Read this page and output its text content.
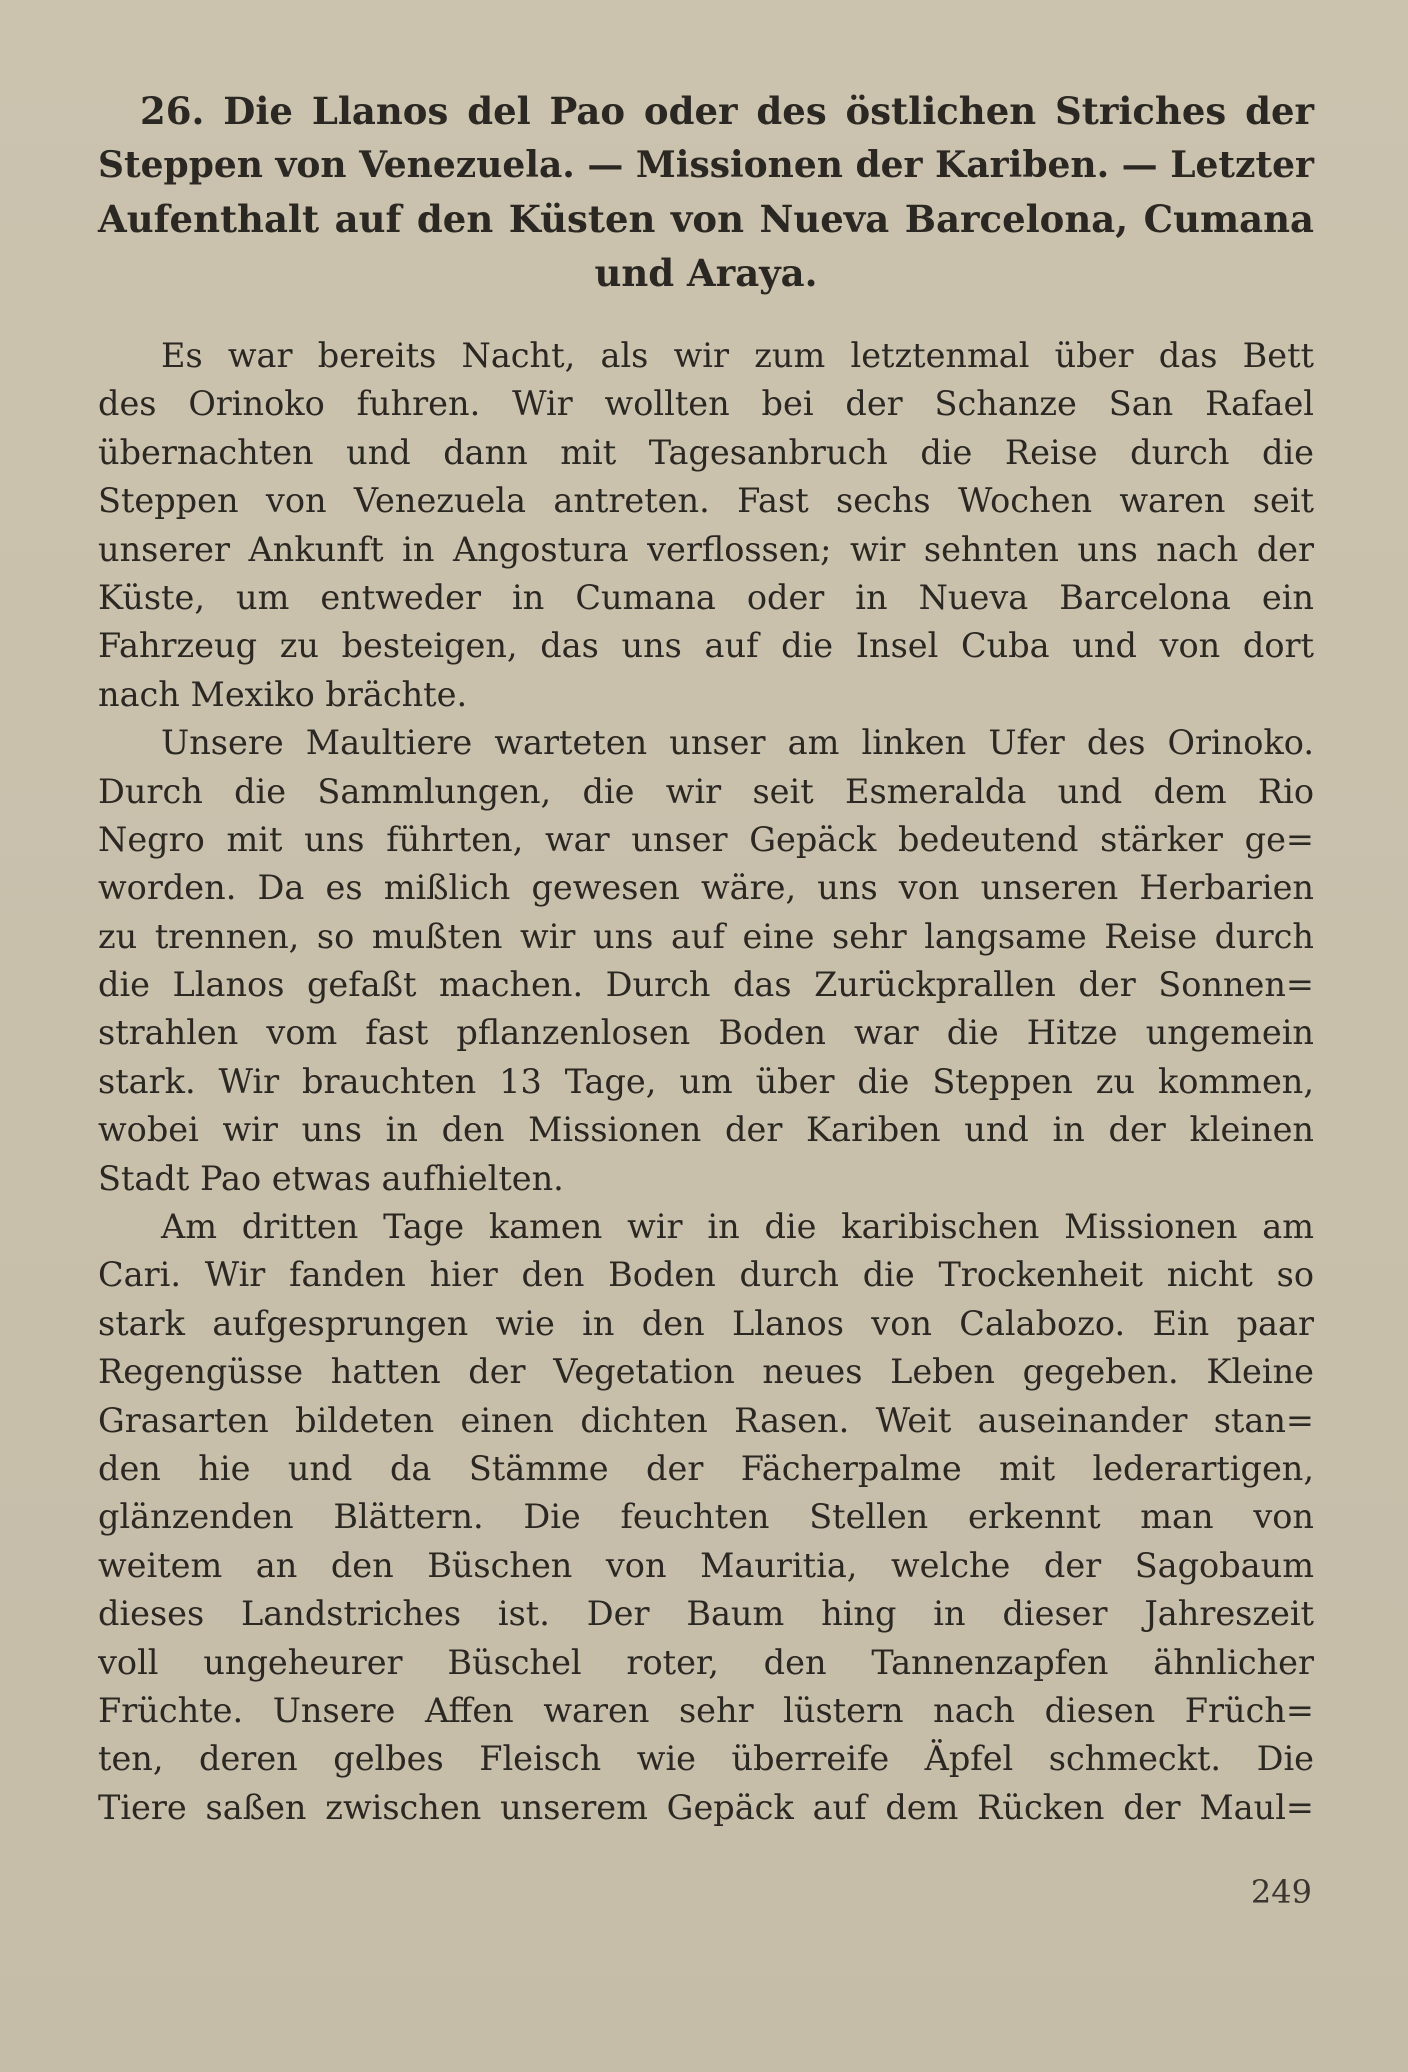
26. Die Llanos del Pao oder des östlichen Striches der
Steppen von Venezuela. — Missionen der Kariben. — Letzter
Aufenthalt auf den Küsten von Nueva Barcelona, Cumana
und Araya.
Es war bereits Nacht, als wir zum letztenmal über das Bett
des Orinoko fuhren. Wir wollten bei der Schanze San Rafael
übernachten und dann mit Tagesanbruch die Reise durch die
Steppen von Venezuela antreten. Fast sechs Wochen waren seit
unserer Ankunft in Angostura verflossen; wir sehnten uns nach der
Küste, um entweder in Cumana oder in Nueva Barcelona ein
Fahrzeug zu besteigen, das uns auf die Insel Cuba und von dort
nach Mexiko brächte.
Unsere Maultiere warteten unser am linken Ufer des Orinoko.
Durch die Sammlungen, die wir seit Esmeralda und dem Rio
Negro mit uns führten, war unser Gepäck bedeutend stärker ge=
worden. Da es mißlich gewesen wäre, uns von unseren Herbarien
zu trennen, so mußten wir uns auf eine sehr langsame Reise durch
die Llanos gefaßt machen. Durch das Zurückprallen der Sonnen=
strahlen vom fast pflanzenlosen Boden war die Hitze ungemein
stark. Wir brauchten 13 Tage, um über die Steppen zu kommen,
wobei wir uns in den Missionen der Kariben und in der kleinen
Stadt Pao etwas aufhielten.
Am dritten Tage kamen wir in die karibischen Missionen am
Cari. Wir fanden hier den Boden durch die Trockenheit nicht so
stark aufgesprungen wie in den Llanos von Calabozo. Ein paar
Regengüsse hatten der Vegetation neues Leben gegeben. Kleine
Grasarten bildeten einen dichten Rasen. Weit auseinander stan=
den hie und da Stämme der Fächerpalme mit lederartigen,
glänzenden Blättern. Die feuchten Stellen erkennt man von
weitem an den Büschen von Mauritia, welche der Sagobaum
dieses Landstriches ist. Der Baum hing in dieser Jahreszeit
voll ungeheurer Büschel roter, den Tannenzapfen ähnlicher
Früchte. Unsere Affen waren sehr lüstern nach diesen Früch=
ten, deren gelbes Fleisch wie überreife Äpfel schmeckt. Die
Tiere saßen zwischen unserem Gepäck auf dem Rücken der Maul=
249
